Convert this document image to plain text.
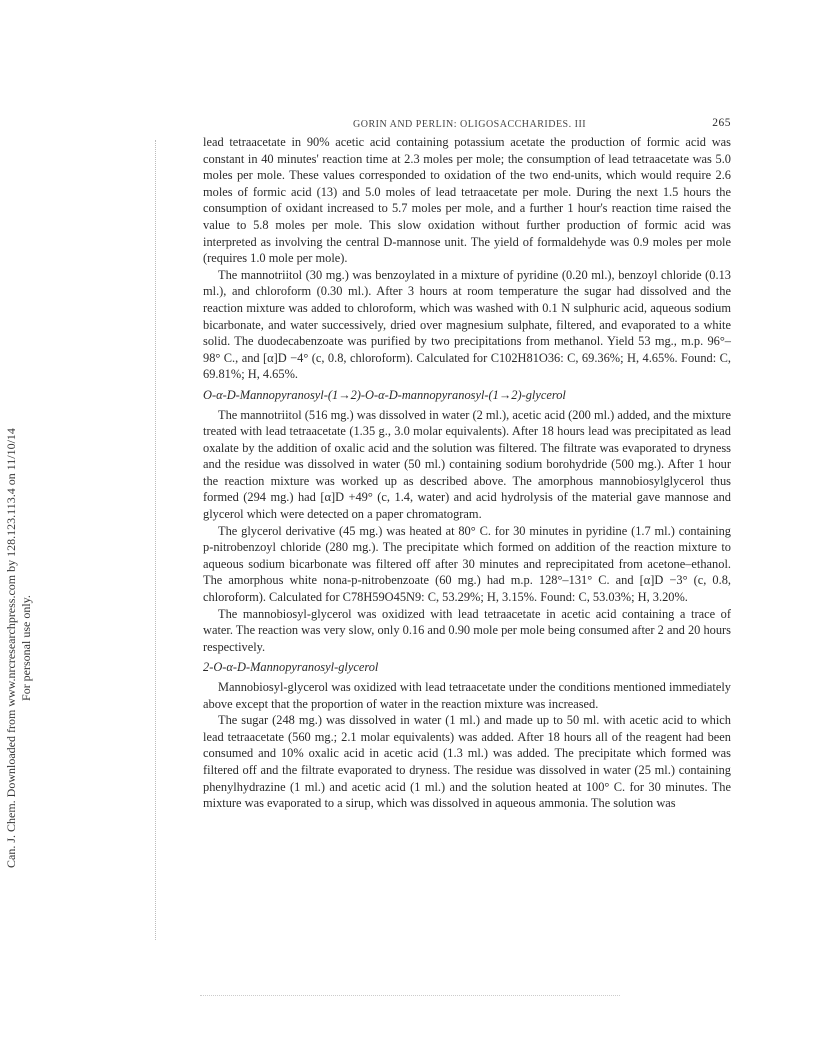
Can. J. Chem. Downloaded from www.nrcresearchpress.com by 128.123.113.4 on 11/10/14 For personal use only.
GORIN AND PERLIN: OLIGOSACCHARIDES. III	265

lead tetraacetate in 90% acetic acid containing potassium acetate the production of formic acid was constant in 40 minutes' reaction time at 2.3 moles per mole; the consumption of lead tetraacetate was 5.0 moles per mole. These values corresponded to oxidation of the two end-units, which would require 2.6 moles of formic acid (13) and 5.0 moles of lead tetraacetate per mole. During the next 1.5 hours the consumption of oxidant increased to 5.7 moles per mole, and a further 1 hour's reaction time raised the value to 5.8 moles per mole. This slow oxidation without further production of formic acid was interpreted as involving the central D-mannose unit. The yield of formaldehyde was 0.9 moles per mole (requires 1.0 mole per mole).

The mannotriitol (30 mg.) was benzoylated in a mixture of pyridine (0.20 ml.), benzoyl chloride (0.13 ml.), and chloroform (0.30 ml.). After 3 hours at room temperature the sugar had dissolved and the reaction mixture was added to chloroform, which was washed with 0.1 N sulphuric acid, aqueous sodium bicarbonate, and water successively, dried over magnesium sulphate, filtered, and evaporated to a white solid. The duodecabenzoate was purified by two precipitations from methanol. Yield 53 mg., m.p. 96°–98° C., and [α]D −4° (c, 0.8, chloroform). Calculated for C102H81O36: C, 69.36%; H, 4.65%. Found: C, 69.81%; H, 4.65%.

O-α-D-Mannopyranosyl-(1→2)-O-α-D-mannopyranosyl-(1→2)-glycerol

The mannotriitol (516 mg.) was dissolved in water (2 ml.), acetic acid (200 ml.) added, and the mixture treated with lead tetraacetate (1.35 g., 3.0 molar equivalents). After 18 hours lead was precipitated as lead oxalate by the addition of oxalic acid and the solution was filtered. The filtrate was evaporated to dryness and the residue was dissolved in water (50 ml.) containing sodium borohydride (500 mg.). After 1 hour the reaction mixture was worked up as described above. The amorphous mannobiosylglycerol thus formed (294 mg.) had [α]D +49° (c, 1.4, water) and acid hydrolysis of the material gave mannose and glycerol which were detected on a paper chromatogram.

The glycerol derivative (45 mg.) was heated at 80° C. for 30 minutes in pyridine (1.7 ml.) containing p-nitrobenzoyl chloride (280 mg.). The precipitate which formed on addition of the reaction mixture to aqueous sodium bicarbonate was filtered off after 30 minutes and reprecipitated from acetone–ethanol. The amorphous white nona-p-nitrobenzoate (60 mg.) had m.p. 128°–131° C. and [α]D −3° (c, 0.8, chloroform). Calculated for C78H59O45N9: C, 53.29%; H, 3.15%. Found: C, 53.03%; H, 3.20%.

The mannobiosyl-glycerol was oxidized with lead tetraacetate in acetic acid containing a trace of water. The reaction was very slow, only 0.16 and 0.90 mole per mole being consumed after 2 and 20 hours respectively.

2-O-α-D-Mannopyranosyl-glycerol

Mannobiosyl-glycerol was oxidized with lead tetraacetate under the conditions mentioned immediately above except that the proportion of water in the reaction mixture was increased.

The sugar (248 mg.) was dissolved in water (1 ml.) and made up to 50 ml. with acetic acid to which lead tetraacetate (560 mg.; 2.1 molar equivalents) was added. After 18 hours all of the reagent had been consumed and 10% oxalic acid in acetic acid (1.3 ml.) was added. The precipitate which formed was filtered off and the filtrate evaporated to dryness. The residue was dissolved in water (25 ml.) containing phenylhydrazine (1 ml.) and acetic acid (1 ml.) and the solution heated at 100° C. for 30 minutes. The mixture was evaporated to a sirup, which was dissolved in aqueous ammonia. The solution was
